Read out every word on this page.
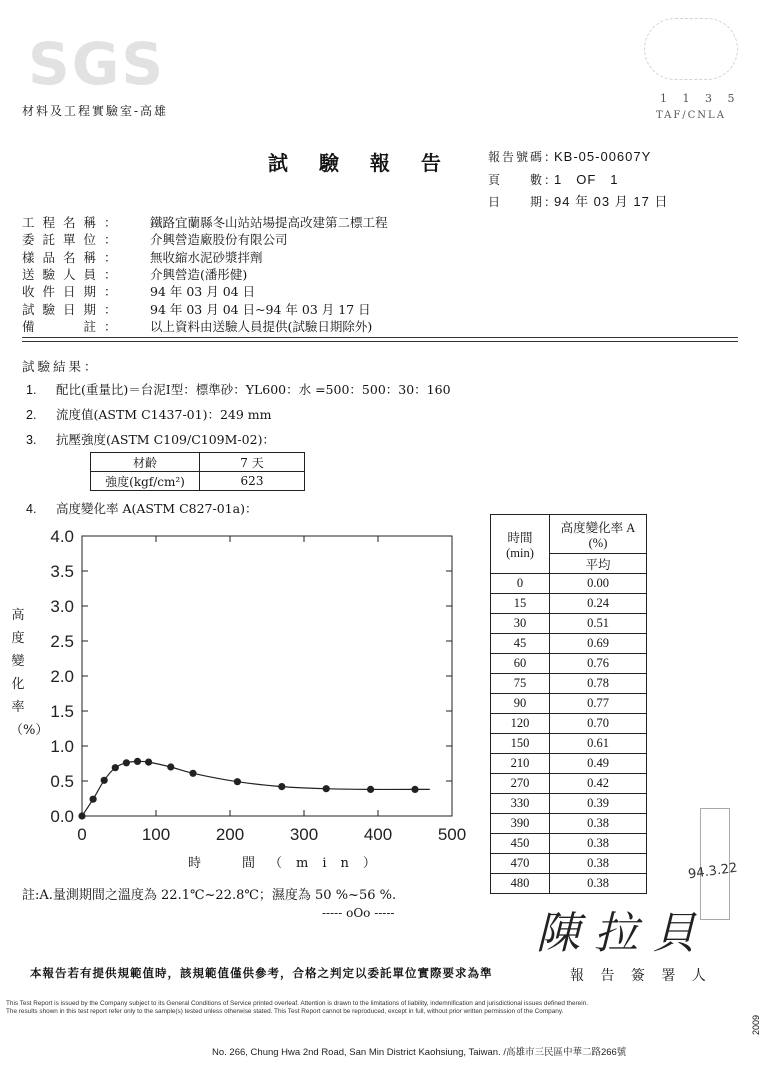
SGS
材料及工程實驗室-高雄
1 1 3 5
TAF/CNLA
試 驗 報 告	報告號碼：KB-05-00607Y
頁　　數：1　OF　1
日　　期：94 年 03 月 17 日
工程名稱： 鐵路宜蘭縣冬山站站場提高改建第二標工程
委託單位： 介興營造廠股份有限公司
樣品名稱： 無收縮水泥砂漿拌劑
送驗人員： 介興營造(潘彤健)
收件日期： 94 年 03 月 04 日
試驗日期： 94 年 03 月 04 日~94 年 03 月 17 日
備　　註： 以上資料由送驗人員提供(試驗日期除外)
試驗結果：
1. 配比(重量比)＝台泥Ⅰ型：標準砂：YL600：水 =500：500：30：160
2. 流度值(ASTM C1437-01)：249 mm
3. 抗壓強度(ASTM C109/C109M-02)：
材齡	7 天
強度(kgf/cm²)	623
4. 高度變化率 A(ASTM C827-01a)：
0.0
0.5
1.0
1.5
2.0
2.5
3.0
3.5
4.0
0	100	200	300	400	500
高度變化率（%）
時　間（min）
時間 (min)	高度變化率 A (%)
	平均
0	0.00
15	0.24
30	0.51
45	0.69
60	0.76
75	0.78
90	0.77
120	0.70
150	0.61
210	0.49
270	0.42
330	0.39
390	0.38
450	0.38
470	0.38
480	0.38
註:A.量測期間之溫度為 22.1℃~22.8℃；濕度為 50 %~56 %.
----- oOo -----	陳 拉 貝
報 告 簽 署 人
本報告若有提供規範值時，該規範值僅供參考，合格之判定以委託單位實際要求為準
94.3.22
This Test Report is issued by the Company subject to its General Conditions of Service printed overleaf. Attention is drawn to the limitations of liability, indemnification and jurisdictional issues defined therein. The results shown in this test report refer only to the sample(s) tested unless otherwise stated. This Test Report cannot be reproduced, except in full, without prior written permission of the Company.
No. 266, Chung Hwa 2nd Road, San Min District Kaohsiung, Taiwan. /高雄市三民區中華二路266號
2009
